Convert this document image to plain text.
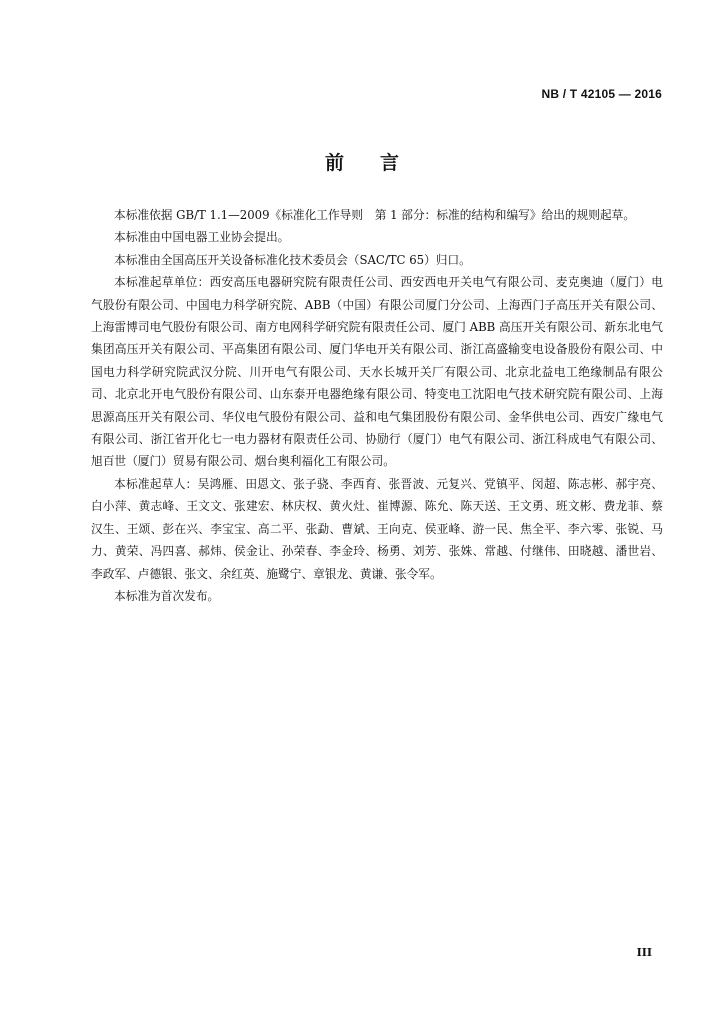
NB / T 42105 — 2016
前言

本标准依据 GB/T 1.1—2009《标准化工作导则　第 1 部分：标准的结构和编写》给出的规则起草。

本标准由中国电器工业协会提出。

本标准由全国高压开关设备标准化技术委员会（SAC/TC 65）归口。

本标准起草单位：西安高压电器研究院有限责任公司、西安西电开关电气有限公司、麦克奥迪（厦门）电气股份有限公司、中国电力科学研究院、ABB（中国）有限公司厦门分公司、上海西门子高压开关有限公司、上海雷博司电气股份有限公司、南方电网科学研究院有限责任公司、厦门 ABB 高压开关有限公司、新东北电气集团高压开关有限公司、平高集团有限公司、厦门华电开关有限公司、浙江高盛输变电设备股份有限公司、中国电力科学研究院武汉分院、川开电气有限公司、天水长城开关厂有限公司、北京北益电工绝缘制品有限公司、北京北开电气股份有限公司、山东泰开电器绝缘有限公司、特变电工沈阳电气技术研究院有限公司、上海思源高压开关有限公司、华仪电气股份有限公司、益和电气集团股份有限公司、金华供电公司、西安广缘电气有限公司、浙江省开化七一电力器材有限责任公司、协励行（厦门）电气有限公司、浙江科成电气有限公司、旭百世（厦门）贸易有限公司、烟台奥利福化工有限公司。

本标准起草人：吴鸿雁、田恩文、张子骁、李西育、张晋波、元复兴、党镇平、闵超、陈志彬、郝宇亮、白小萍、黄志峰、王文文、张建宏、林庆权、黄火灶、崔博源、陈允、陈天送、王文勇、班文彬、费龙菲、蔡汉生、王颂、彭在兴、李宝宝、高二平、张勐、曹斌、王向克、侯亚峰、游一民、焦全平、李六零、张锐、马力、黄荣、冯四喜、郝炜、侯金让、孙荣春、李金玲、杨勇、刘芳、张姝、常越、付继伟、田晓越、潘世岩、李政军、卢德银、张文、余红英、施鹭宁、章银龙、黄谦、张令军。

本标准为首次发布。

III
